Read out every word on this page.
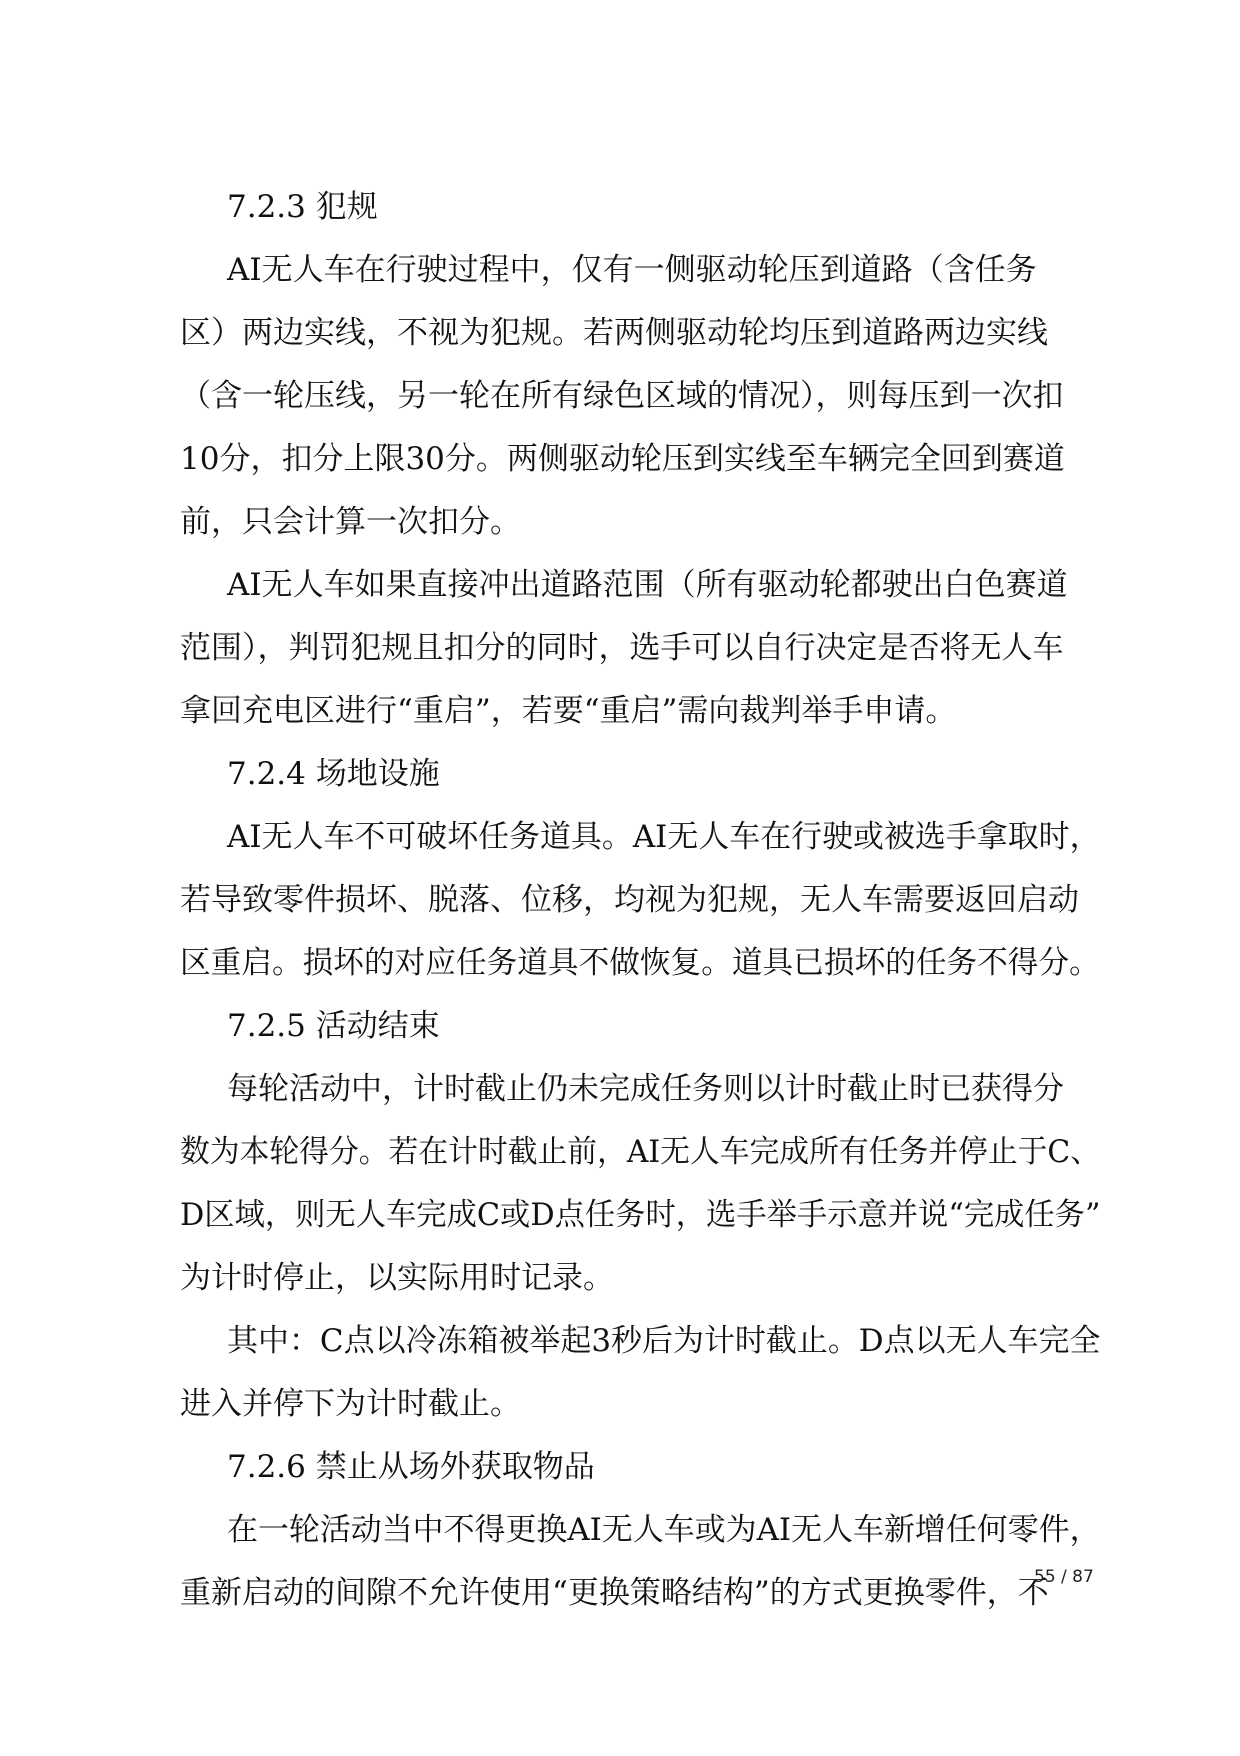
7.2.3 犯规
AI无人车在行驶过程中，仅有一侧驱动轮压到道路（含任务
区）两边实线，不视为犯规。若两侧驱动轮均压到道路两边实线
（含一轮压线，另一轮在所有绿色区域的情况），则每压到一次扣
10分，扣分上限30分。两侧驱动轮压到实线至车辆完全回到赛道
前，只会计算一次扣分。
AI无人车如果直接冲出道路范围（所有驱动轮都驶出白色赛道
范围），判罚犯规且扣分的同时，选手可以自行决定是否将无人车
拿回充电区进行“重启”，若要“重启”需向裁判举手申请。
7.2.4 场地设施
AI无人车不可破坏任务道具。AI无人车在行驶或被选手拿取时，
若导致零件损坏、脱落、位移，均视为犯规，无人车需要返回启动
区重启。损坏的对应任务道具不做恢复。道具已损坏的任务不得分。
7.2.5 活动结束
每轮活动中，计时截止仍未完成任务则以计时截止时已获得分
数为本轮得分。若在计时截止前，AI无人车完成所有任务并停止于C、
D区域，则无人车完成C或D点任务时，选手举手示意并说“完成任务”
为计时停止，以实际用时记录。
其中：C点以冷冻箱被举起3秒后为计时截止。D点以无人车完全
进入并停下为计时截止。
7.2.6 禁止从场外获取物品
在一轮活动当中不得更换AI无人车或为AI无人车新增任何零件，
重新启动的间隙不允许使用“更换策略结构”的方式更换零件，不
55 / 87
